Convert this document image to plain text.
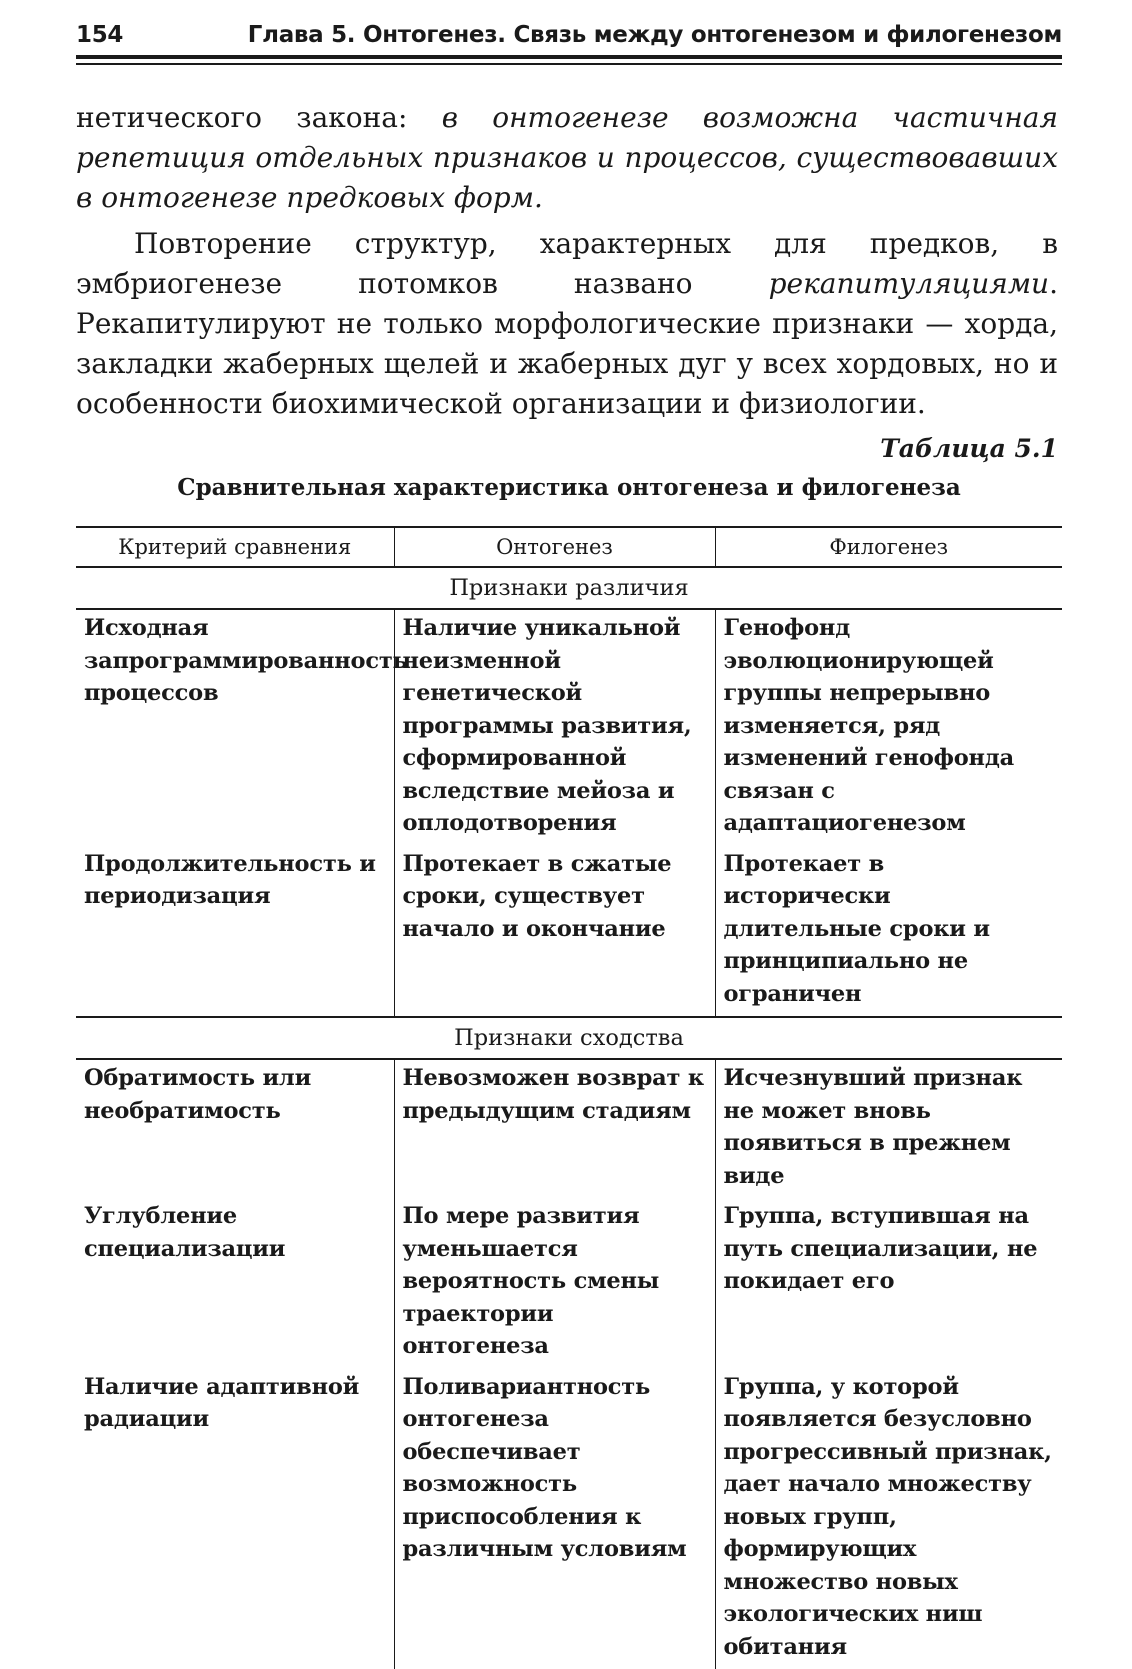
154	Глава 5. Онтогенез. Связь между онтогенезом и филогенезом

нетического закона: в онтогенезе возможна частичная репетиция отдельных признаков и процессов, существовавших в онтогенезе предковых форм.

Повторение структур, характерных для предков, в эмбриогенезе потомков названо рекапитуляциями. Рекапитулируют не только морфологические признаки — хорда, закладки жаберных щелей и жаберных дуг у всех хордовых, но и особенности биохимической организации и физиологии.

Таблица 5.1
Сравнительная характеристика онтогенеза и филогенеза
Критерий сравнения	Онтогенез	Филогенез
Признаки различия		
Исходная запрограммированность процессов	Наличие уникальной неизменной генетической программы развития, сформированной вследствие мейоза и оплодотворения	Генофонд эволюционирующей группы непрерывно изменяется, ряд изменений генофонда связан с адаптациогенезом
Продолжительность и периодизация	Протекает в сжатые сроки, существует начало и окончание	Протекает в исторически длительные сроки и принципиально не ограничен
Признаки сходства		
Обратимость или необратимость	Невозможен возврат к предыдущим стадиям	Исчезнувший признак не может вновь появиться в прежнем виде
Углубление специализации	По мере развития уменьшается вероятность смены траектории онтогенеза	Группа, вступившая на путь специализации, не покидает его
Наличие адаптивной радиации	Поливариантность онтогенеза обеспечивает возможность приспособления к различным условиям	Группа, у которой появляется безусловно прогрессивный признак, дает начало множеству новых групп, формирующих множество новых экологических ниш обитания
